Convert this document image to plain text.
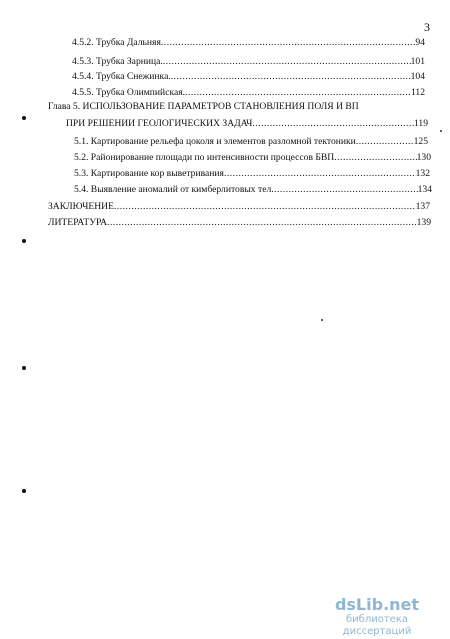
3
4.5.2. Трубка Дальняя .....	94
4.5.3. Трубка Зарница. .....	101
4.5.4. Трубка Снежинка. .....	104
4.5.5. Трубка Олимпийская. .....	112
Глава 5. ИСПОЛЬЗОВАНИЕ ПАРАМЕТРОВ СТАНОВЛЕНИЯ ПОЛЯ И ВП
ПРИ РЕШЕНИИ ГЕОЛОГИЧЕСКИХ ЗАДАЧ .....	119
5.1. Картирование рельефа цоколя и элементов разломной тектоники .....	125
5.2. Районирование площади по интенсивности процессов БВП .....	130
5.3. Картирование кор выветривания .....	132
5.4. Выявление аномалий от кимберлитовых тел .....	134
ЗАКЛЮЧЕНИЕ .....	137
ЛИТЕРАТУРА .....	139
dsLib.net
библиотека диссертаций
